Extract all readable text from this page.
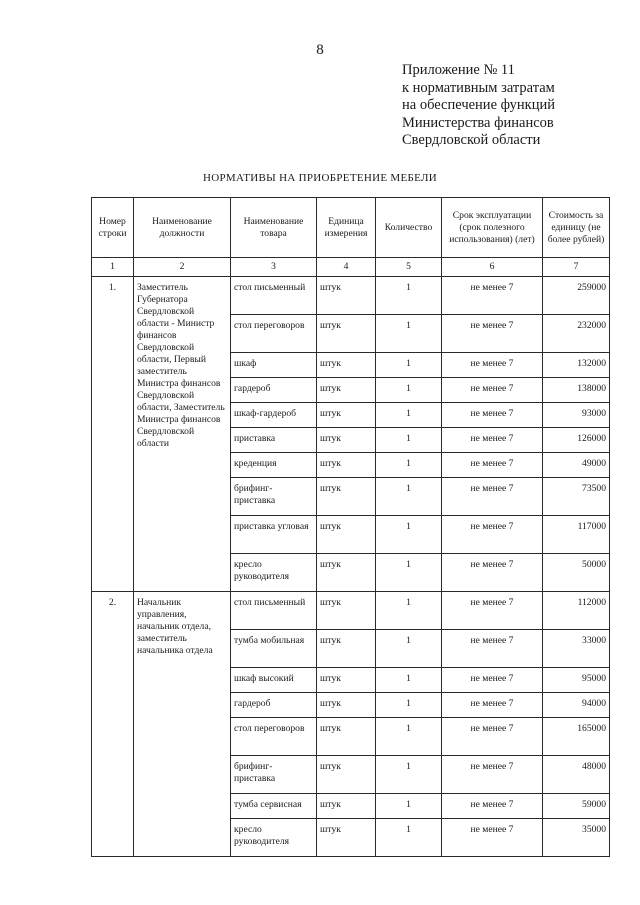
8
Приложение № 11
к нормативным затратам
на обеспечение функций
Министерства финансов
Свердловской области
НОРМАТИВЫ НА ПРИОБРЕТЕНИЕ МЕБЕЛИ
Номер строки	Наименование должности	Наименование товара	Единица измерения	Количество	Срок эксплуатации (срок полезного использования) (лет)	Стоимость за единицу (не более рублей)
1	2	3	4	5	6	7
1.	Заместитель Губернатора Свердловской области - Министр финансов Свердловской области, Первый заместитель Министра финансов Свердловской области, Заместитель Министра финансов Свердловской области	стол письменный	штук	1	не менее 7	259000
		стол переговоров	штук	1	не менее 7	232000
		шкаф	штук	1	не менее 7	132000
		гардероб	штук	1	не менее 7	138000
		шкаф-гардероб	штук	1	не менее 7	93000
		приставка	штук	1	не менее 7	126000
		креденция	штук	1	не менее 7	49000
		брифинг-приставка	штук	1	не менее 7	73500
		приставка угловая	штук	1	не менее 7	117000
		кресло руководителя	штук	1	не менее 7	50000
2.	Начальник управления, начальник отдела, заместитель начальника отдела	стол письменный	штук	1	не менее 7	112000
		тумба мобильная	штук	1	не менее 7	33000
		шкаф высокий	штук	1	не менее 7	95000
		гардероб	штук	1	не менее 7	94000
		стол переговоров	штук	1	не менее 7	165000
		брифинг-приставка	штук	1	не менее 7	48000
		тумба сервисная	штук	1	не менее 7	59000
		кресло руководителя	штук	1	не менее 7	35000
